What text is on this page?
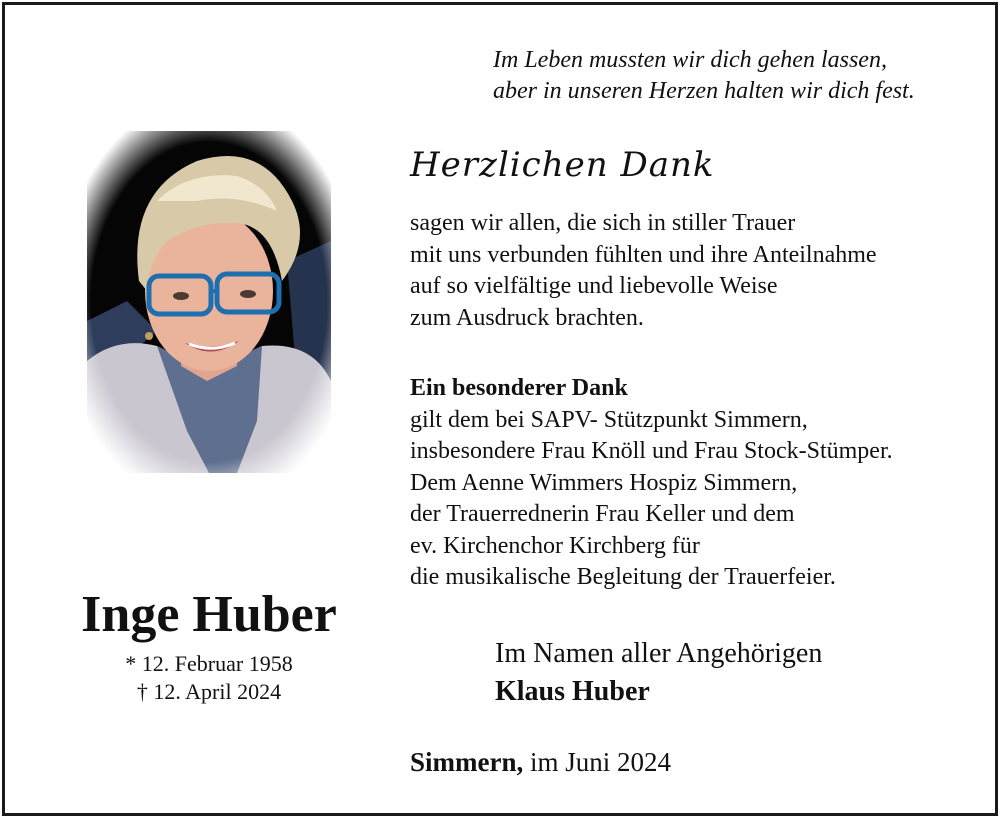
Im Leben mussten wir dich gehen lassen,
aber in unseren Herzen halten wir dich fest.
Herzlichen Dank
sagen wir allen, die sich in stiller Trauer
mit uns verbunden fühlten und ihre Anteilnahme
auf so vielfältige und liebevolle Weise
zum Ausdruck brachten.
Ein besonderer Dank
gilt dem bei SAPV- Stützpunkt Simmern,
insbesondere Frau Knöll und Frau Stock-Stümper.
Dem Aenne Wimmers Hospiz Simmern,
der Trauerrednerin Frau Keller und dem
ev. Kirchenchor Kirchberg für
die musikalische Begleitung der Trauerfeier.
Inge Huber
* 12. Februar 1958
† 12. April 2024
Im Namen aller Angehörigen
Klaus Huber
Simmern, im Juni 2024
